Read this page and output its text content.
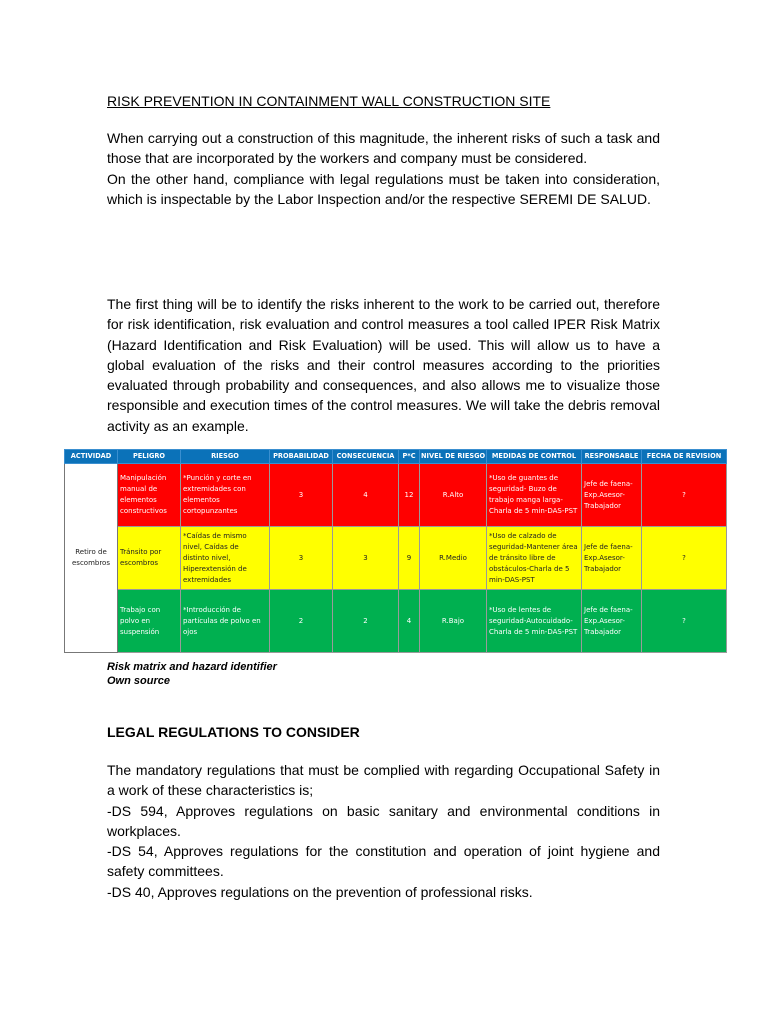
RISK PREVENTION IN CONTAINMENT WALL CONSTRUCTION SITE
When carrying out a construction of this magnitude, the inherent risks of such a task and those that are incorporated by the workers and company must be considered.
On the other hand, compliance with legal regulations must be taken into consideration, which is inspectable by the Labor Inspection and/or the respective SEREMI DE SALUD.
The first thing will be to identify the risks inherent to the work to be carried out, therefore for risk identification, risk evaluation and control measures a tool called IPER Risk Matrix (Hazard Identification and Risk Evaluation) will be used. This will allow us to have a global evaluation of the risks and their control measures according to the priorities evaluated through probability and consequences, and also allows me to visualize those responsible and execution times of the control measures. We will take the debris removal activity as an example.
Risk matrix and hazard identifier
Own source
LEGAL REGULATIONS TO CONSIDER
The mandatory regulations that must be complied with regarding Occupational Safety in a work of these characteristics is;
-DS 594, Approves regulations on basic sanitary and environmental conditions in workplaces.
-DS 54, Approves regulations for the constitution and operation of joint hygiene and safety committees.
-DS 40, Approves regulations on the prevention of professional risks.
ACTIVIDAD	PELIGRO	RIESGO	PROBABILIDAD	CONSECUENCIA	P*C	NIVEL DE RIESGO	MEDIDAS DE CONTROL	RESPONSABLE	FECHA DE REVISION
Retiro de escombros	Manipulación manual de elementos constructivos	*Punción y corte en extremidades con elementos cortopunzantes	3	4	12	R.Alto	*Uso de guantes de seguridad- Buzo de trabajo manga larga-Charla de 5 min-DAS-PST	Jefe de faena-Exp.Asesor-Trabajador	?
	Tránsito por escombros	*Caídas de mismo nivel, Caídas de distinto nivel, Hiperextensión de extremidades	3	3	9	R.Medio	*Uso de calzado de seguridad-Mantener área de tránsito libre de obstáculos-Charla de 5 min-DAS-PST	Jefe de faena-Exp.Asesor-Trabajador	?
	Trabajo con polvo en suspensión	*Introducción de partículas de polvo en ojos	2	2	4	R.Bajo	*Uso de lentes de seguridad-Autocuidado-Charla de 5 min-DAS-PST	Jefe de faena-Exp.Asesor-Trabajador	?
